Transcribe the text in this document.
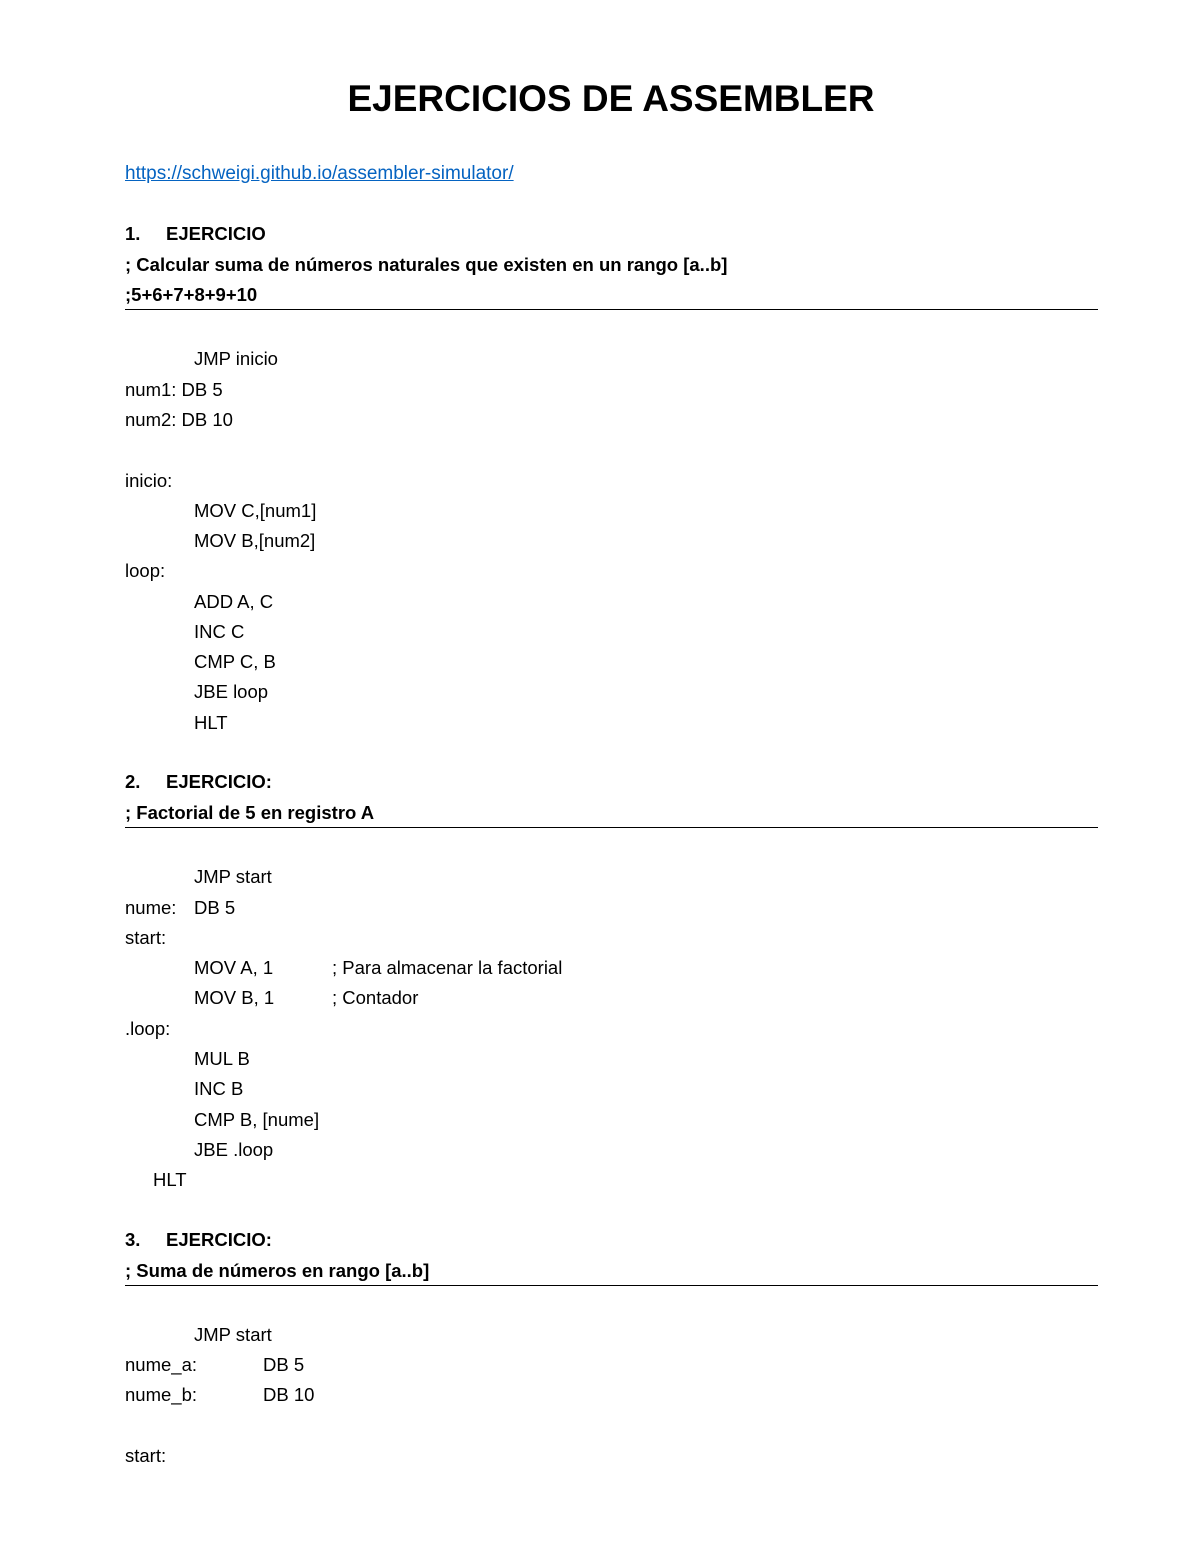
EJERCICIOS DE ASSEMBLER
https://schweigi.github.io/assembler-simulator/
1. EJERCICIO
; Calcular suma de números naturales que existen en un rango [a..b]
;5+6+7+8+9+10
JMP inicio
num1: DB 5
num2: DB 10
inicio:
MOV C,[num1]
MOV B,[num2]
loop:
ADD A, C
INC C
CMP C, B
JBE loop
HLT
2. EJERCICIO:
; Factorial de 5 en registro A
JMP start
nume: DB 5
start:
MOV A, 1	; Para almacenar la factorial
MOV B, 1	; Contador
.loop:
MUL B
INC B
CMP B, [nume]
JBE .loop
HLT
3. EJERCICIO:
; Suma de números en rango [a..b]
JMP start
nume_a:	DB 5
nume_b:	DB 10
start:
